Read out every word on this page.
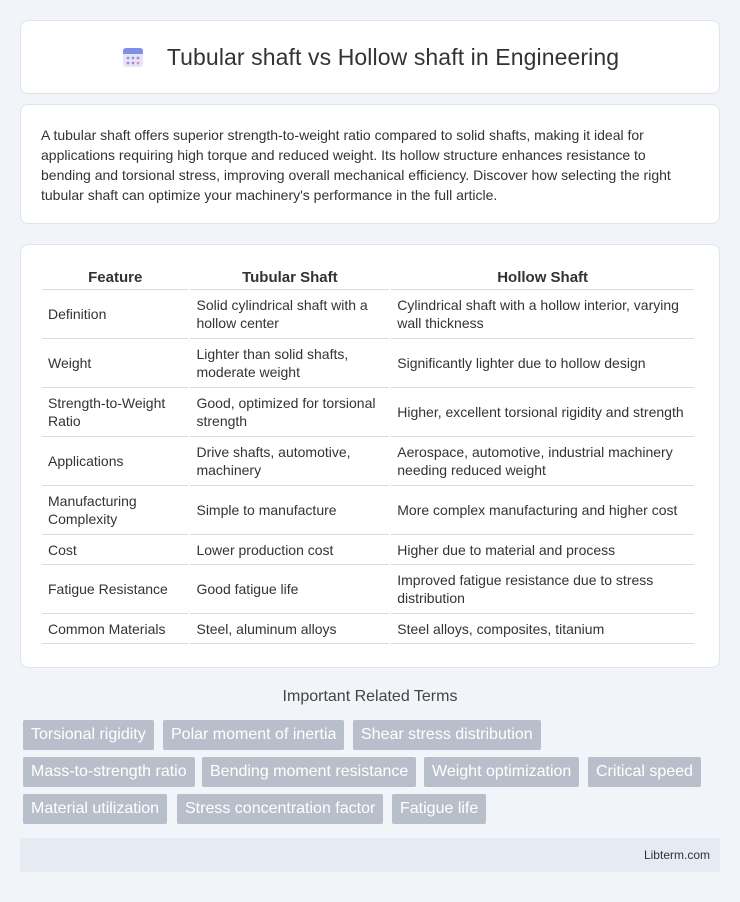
Tubular shaft vs Hollow shaft in Engineering

A tubular shaft offers superior strength-to-weight ratio compared to solid shafts, making it ideal for applications requiring high torque and reduced weight. Its hollow structure enhances resistance to bending and torsional stress, improving overall mechanical efficiency. Discover how selecting the right tubular shaft can optimize your machinery's performance in the full article.

Feature	Tubular Shaft	Hollow Shaft
Definition	Solid cylindrical shaft with a hollow center	Cylindrical shaft with a hollow interior, varying wall thickness
Weight	Lighter than solid shafts, moderate weight	Significantly lighter due to hollow design
Strength-to-Weight Ratio	Good, optimized for torsional strength	Higher, excellent torsional rigidity and strength
Applications	Drive shafts, automotive, machinery	Aerospace, automotive, industrial machinery needing reduced weight
Manufacturing Complexity	Simple to manufacture	More complex manufacturing and higher cost
Cost	Lower production cost	Higher due to material and process
Fatigue Resistance	Good fatigue life	Improved fatigue resistance due to stress distribution
Common Materials	Steel, aluminum alloys	Steel alloys, composites, titanium
Important Related Terms
Torsional rigidity	Polar moment of inertia	Shear stress distribution
Mass-to-strength ratio	Bending moment resistance	Weight optimization	Critical speed
Material utilization	Stress concentration factor	Fatigue life
Libterm.com
